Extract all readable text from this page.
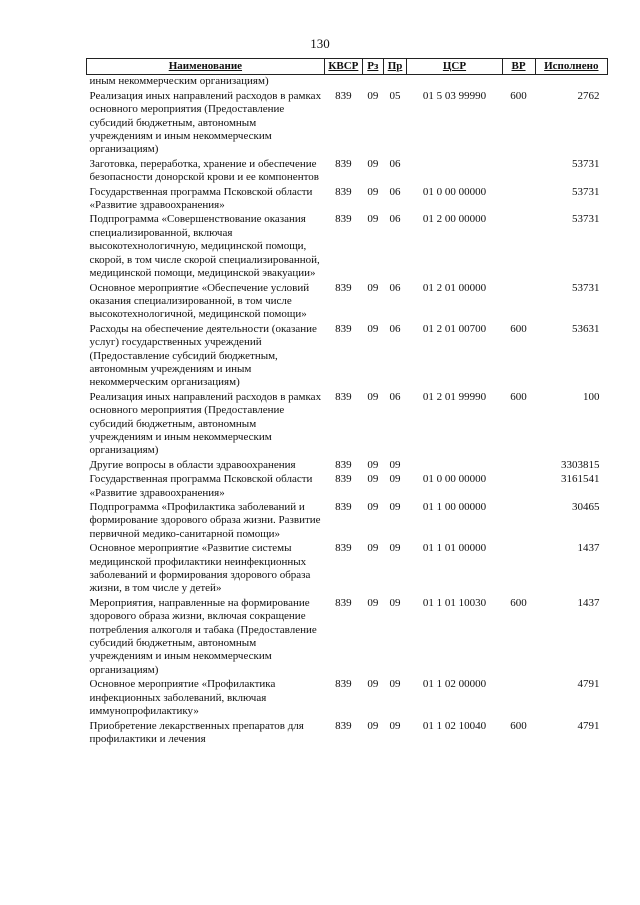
130
Наименование	КВСР	Рз	Пр	ЦСР	ВР	Исполнено
иным некоммерческим организациям)						
Реализация иных направлений расходов в рамках основного мероприятия (Предоставление субсидий бюджетным, автономным учреждениям и иным некоммерческим организациям)	839	09	05	01 5 03 99990	600	2762
Заготовка, переработка, хранение и обеспечение безопасности донорской крови и ее компонентов	839	09	06			53731
Государственная программа Псковской области «Развитие здравоохранения»	839	09	06	01 0 00 00000		53731
Подпрограмма «Совершенствование оказания специализированной, включая высокотехнологичную, медицинской помощи, скорой, в том числе скорой специализированной, медицинской помощи, медицинской эвакуации»	839	09	06	01 2 00 00000		53731
Основное мероприятие «Обеспечение условий оказания специализированной, в том числе высокотехнологичной, медицинской помощи»	839	09	06	01 2 01 00000		53731
Расходы на обеспечение деятельности (оказание услуг) государственных учреждений (Предоставление субсидий бюджетным, автономным учреждениям и иным некоммерческим организациям)	839	09	06	01 2 01 00700	600	53631
Реализация иных направлений расходов в рамках основного мероприятия (Предоставление субсидий бюджетным, автономным учреждениям и иным некоммерческим организациям)	839	09	06	01 2 01 99990	600	100
Другие вопросы в области здравоохранения	839	09	09			3303815
Государственная программа Псковской области «Развитие здравоохранения»	839	09	09	01 0 00 00000		3161541
Подпрограмма «Профилактика заболеваний и формирование здорового образа жизни. Развитие первичной медико-санитарной помощи»	839	09	09	01 1 00 00000		30465
Основное мероприятие «Развитие системы медицинской профилактики неинфекционных заболеваний и формирования здорового образа жизни, в том числе у детей»	839	09	09	01 1 01 00000		1437
Мероприятия, направленные на формирование здорового образа жизни, включая сокращение потребления алкоголя и табака (Предоставление субсидий бюджетным, автономным учреждениям и иным некоммерческим организациям)	839	09	09	01 1 01 10030	600	1437
Основное мероприятие «Профилактика инфекционных заболеваний, включая иммунопрофилактику»	839	09	09	01 1 02 00000		4791
Приобретение лекарственных препаратов для профилактики и лечения	839	09	09	01 1 02 10040	600	4791
